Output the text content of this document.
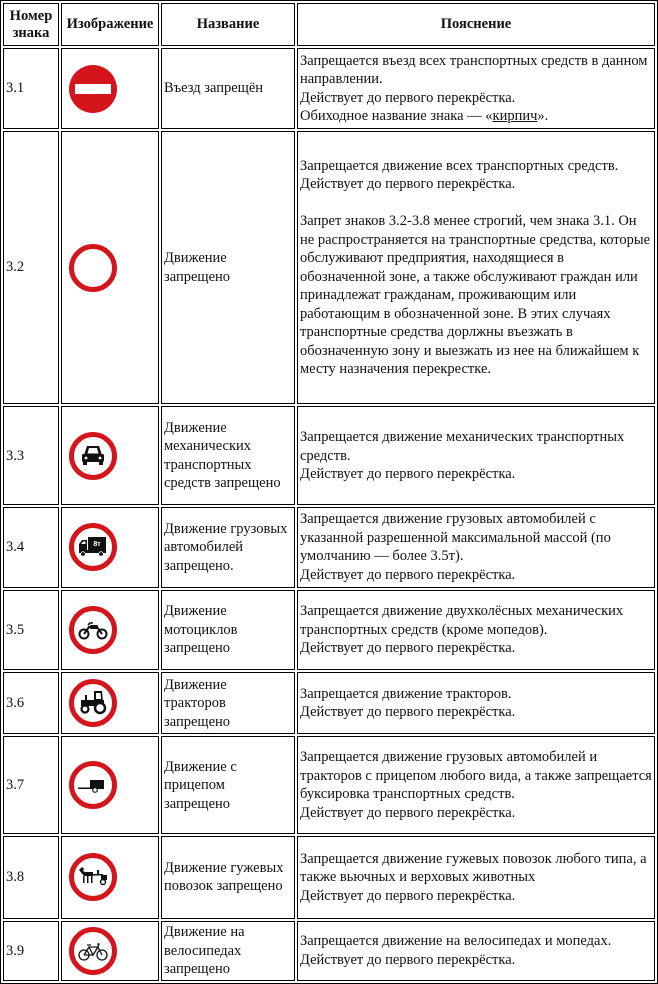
Номер знака	Изображение	Название	Пояснение
3.1		Въезд запрещён	Запрещается въезд всех транспортных средств в данном направлении.
Действует до первого перекрёстка.
Обиходное название знака — «кирпич».

3.2		Движение запрещено	Запрещается движение всех транспортных средств.
Действует до первого перекрёстка.
Запрет знаков 3.2-3.8 менее строгий, чем знака 3.1. Он не распространяется на транспортные средства, которые обслуживают предприятия, находящиеся в обозначенной зоне, а также обслуживают граждан или принадлежат гражданам, проживающим или работающим в обозначенной зоне. В этих случаях транспортные средства дорлжны въезжать в обозначенную зону и выезжать из нее на ближайшем к месту назначения перекрестке.

3.3		Движение механических транспортных средств запрещено	Запрещается движение механических транспортных средств.
Действует до первого перекрёстка.

3.4	8т	Движение грузовых автомобилей запрещено.	Запрещается движение грузовых автомобилей с указанной разрешенной максимальной массой (по умолчанию — более 3.5т).
Действует до первого перекрёстка.

3.5		Движение мотоциклов запрещено	Запрещается движение двухколёсных механических транспортных средств (кроме мопедов).
Действует до первого перекрёстка.

3.6		Движение тракторов запрещено	Запрещается движение тракторов.
Действует до первого перекрёстка.

3.7		Движение с прицепом запрещено	Запрещается движение грузовых автомобилей и тракторов с прицепом любого вида, а также запрещается буксировка транспортных средств.
Действует до первого перекрёстка.

3.8		Движение гужевых повозок запрещено	Запрещается движение гужевых повозок любого типа, а также вьючных и верховых животных
Действует до первого перекрёстка.

3.9		Движение на велосипедах запрещено	Запрещается движение на велосипедах и мопедах.
Действует до первого перекрёстка.
